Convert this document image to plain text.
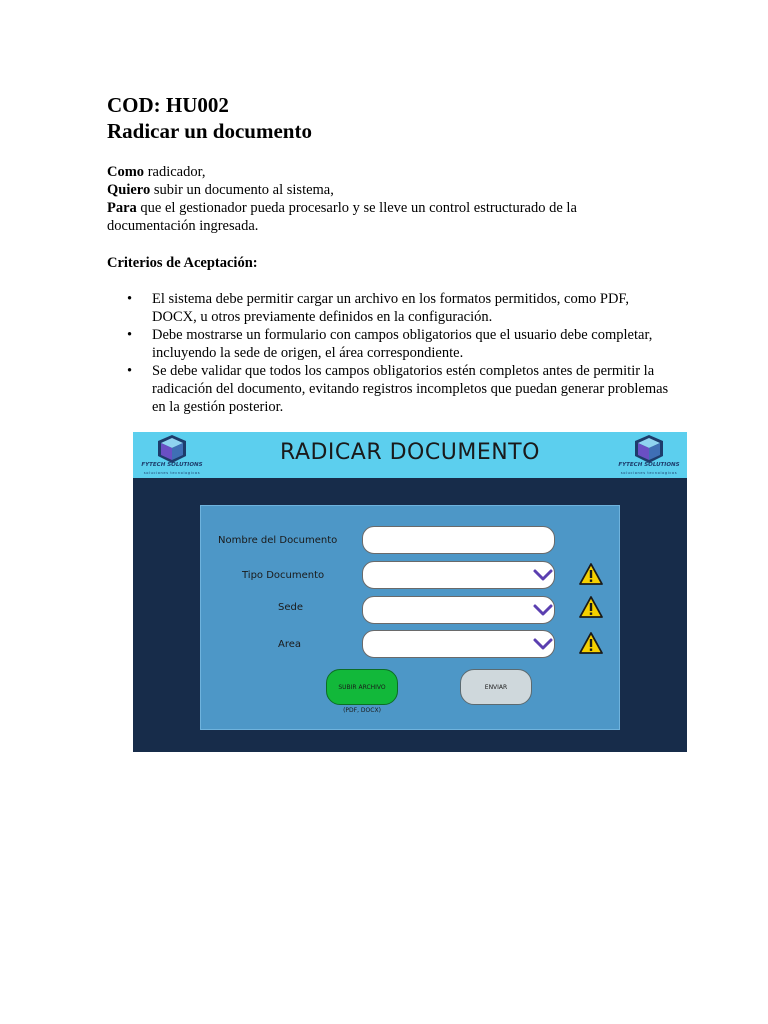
COD: HU002
Radicar un documento

Como radicador,

Quiero subir un documento al sistema,

Para que el gestionador pueda procesarlo y se lleve un control estructurado de la documentación ingresada.

Criterios de Aceptación:
• El sistema debe permitir cargar un archivo en los formatos permitidos, como PDF, DOCX, u otros previamente definidos en la configuración.
• Debe mostrarse un formulario con campos obligatorios que el usuario debe completar, incluyendo la sede de origen, el área correspondiente.
• Se debe validar que todos los campos obligatorios estén completos antes de permitir la radicación del documento, evitando registros incompletos que puedan generar problemas en la gestión posterior.
FYTECH SOLUTIONS
soluciones tecnologicas
RADICAR DOCUMENTO	FYTECH SOLUTIONS
soluciones tecnologicas
Nombre del Documento
Tipo Documento
Sede
Area
SUBIR ARCHIVO
(PDF, DOCX)
ENVIAR
